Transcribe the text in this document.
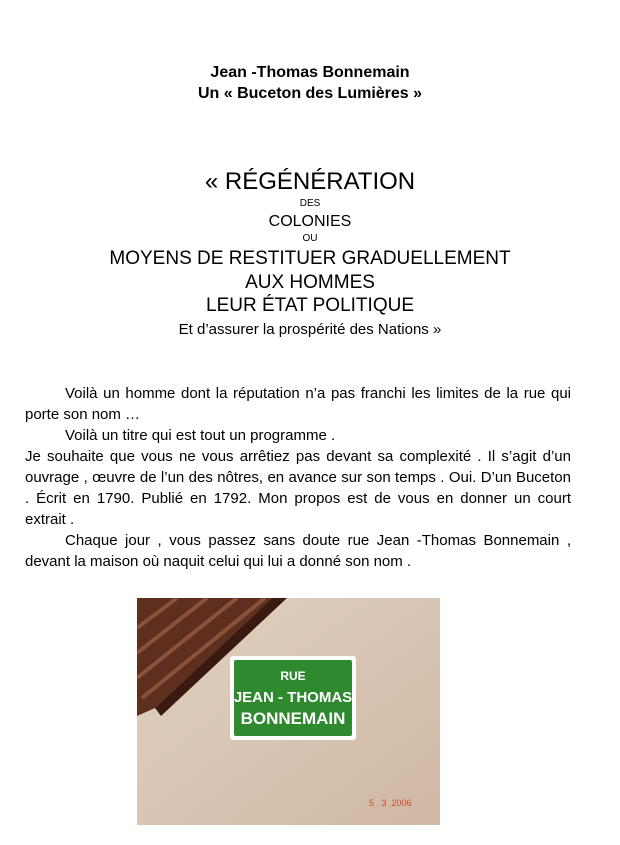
Jean -Thomas Bonnemain
Un « Buceton des Lumières »
« RÉGÉNÉRATION
DES
COLONIES
OU
MOYENS DE RESTITUER GRADUELLEMENT
AUX HOMMES
LEUR ÉTAT POLITIQUE
Et d’assurer la prospérité des Nations »

Voilà un homme dont la réputation n’a pas franchi les limites de la rue qui porte son nom …

Voilà un titre qui est tout un programme .

Je souhaite que vous ne vous arrêtiez pas devant sa complexité . Il s’agit d’un ouvrage , œuvre de l’un des nôtres, en avance sur son temps . Oui. D’un Buceton . Écrit en 1790. Publié en 1792. Mon propos est de vous en donner un court extrait .

Chaque jour , vous passez sans doute rue Jean -Thomas Bonnemain , devant la maison où naquit celui qui lui a donné son nom .

RUE
JEAN - THOMAS
BONNEMAIN
5 . 3 .2006
